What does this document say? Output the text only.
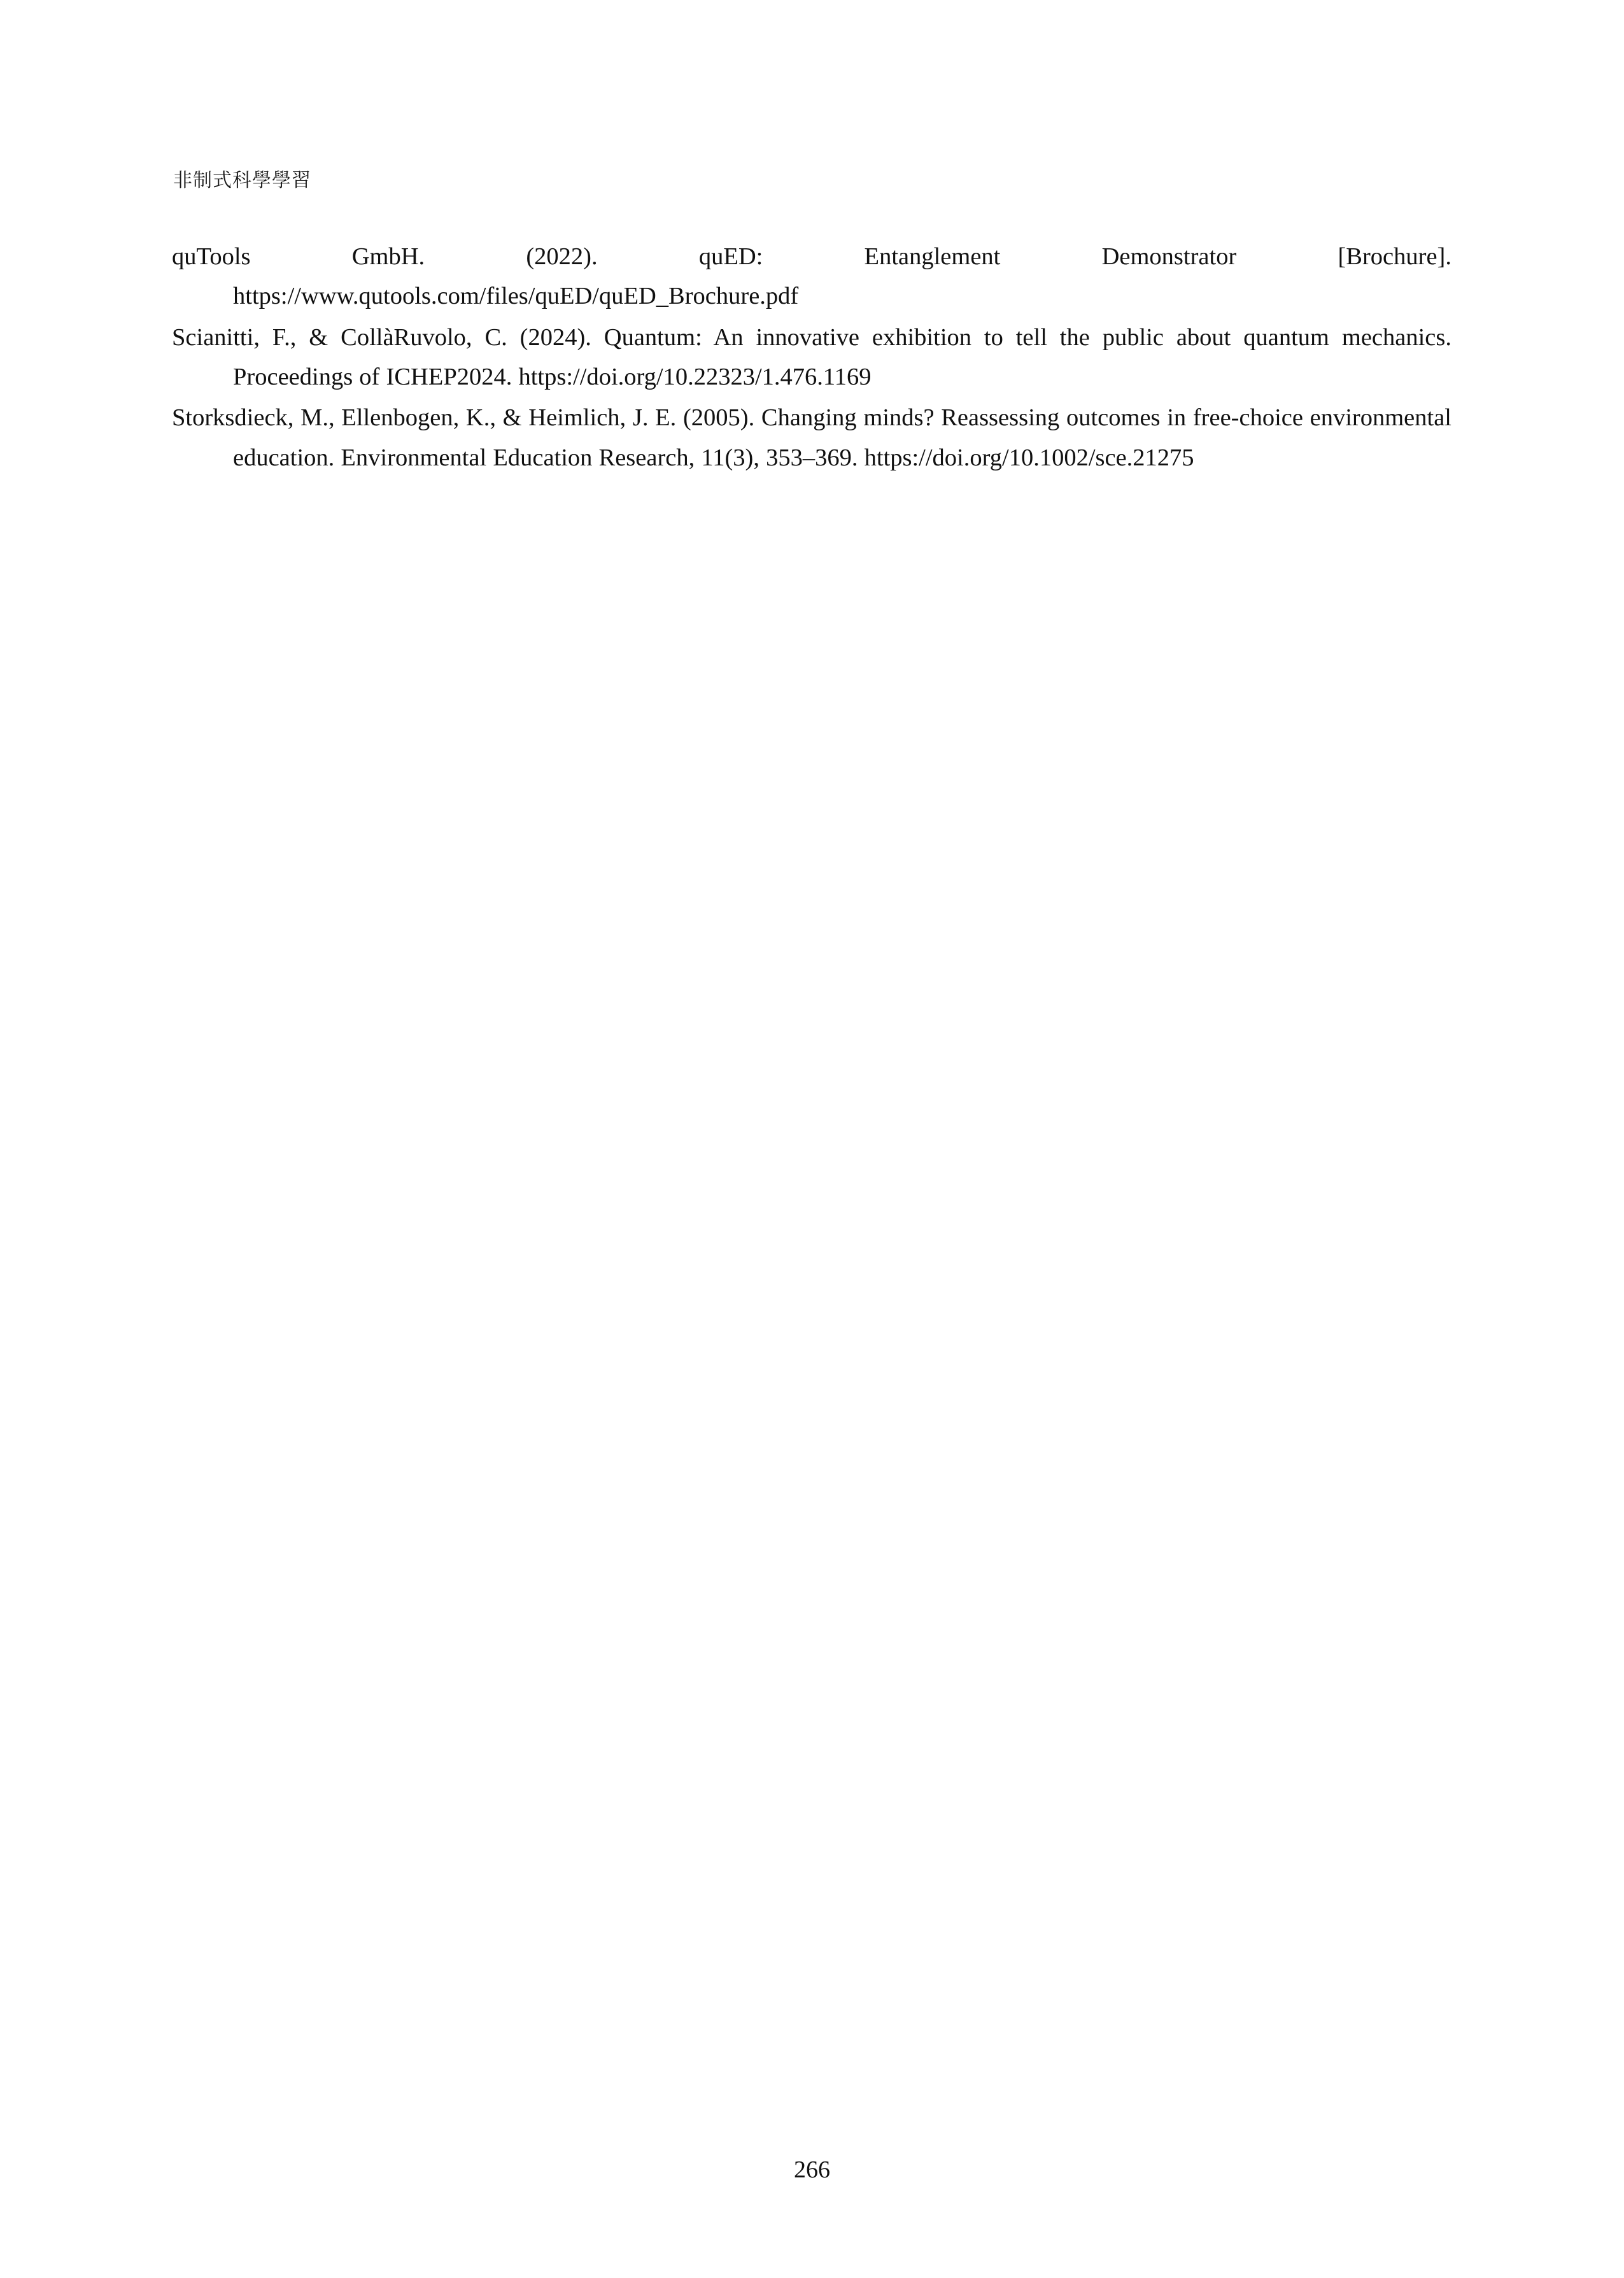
非制式科學學習

quTools GmbH. (2022). quED: Entanglement Demonstrator [Brochure]. https://www.qutools.com/files/quED/quED_Brochure.pdf

Scianitti, F., & CollàRuvolo, C. (2024). Quantum: An innovative exhibition to tell the public about quantum mechanics. Proceedings of ICHEP2024. https://doi.org/10.22323/1.476.1169

Storksdieck, M., Ellenbogen, K., & Heimlich, J. E. (2005). Changing minds? Reassessing outcomes in free-choice environmental education. Environmental Education Research, 11(3), 353–369. https://doi.org/10.1002/sce.21275

266
